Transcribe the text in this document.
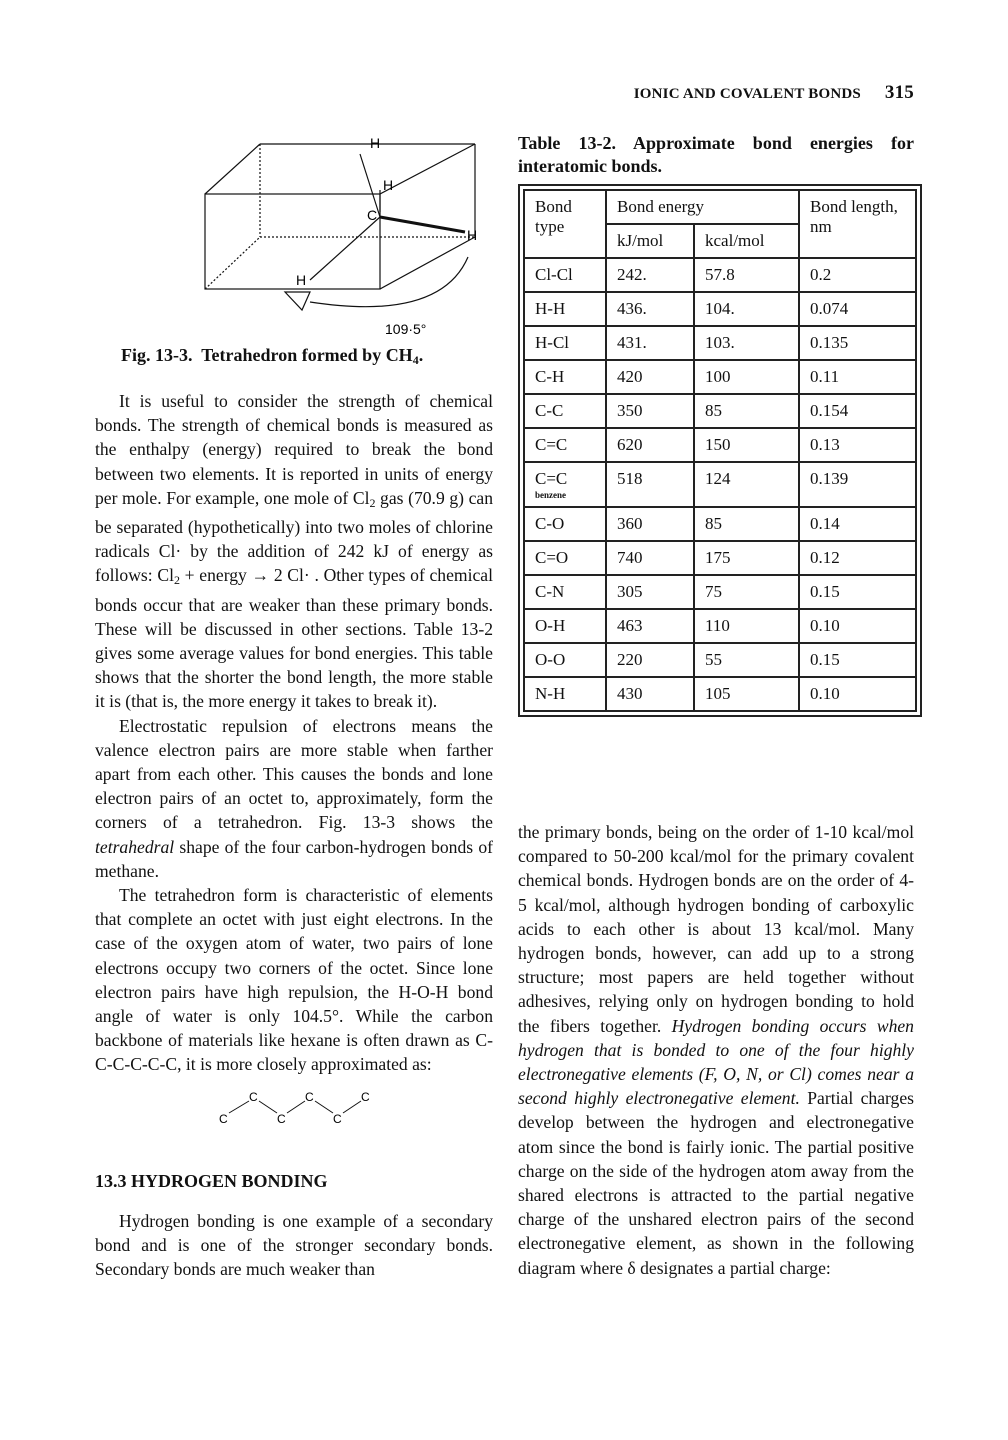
IONIC AND COVALENT BONDS 315
H
H
C
H
H
109·5°
Fig. 13-3. Tetrahedron formed by $CH_4$.

It is useful to consider the strength of chemical bonds. The strength of chemical bonds is measured as the enthalpy (energy) required to break the bond between two elements. It is reported in units of energy per mole. For example, one mole of $Cl_2$ gas (70.9 g) can be separated (hypothetically) into two moles of chlorine radicals Cl· by the addition of 242 kJ of energy as follows: $Cl_2$ + energy → 2 Cl· . Other types of chemical bonds occur that are weaker than these primary bonds. These will be discussed in other sections. Table 13-2 gives some average values for bond energies. This table shows that the shorter the bond length, the more stable it is (that is, the more energy it takes to break it).

Electrostatic repulsion of electrons means the valence electron pairs are more stable when farther apart from each other. This causes the bonds and lone electron pairs of an octet to, approximately, form the corners of a tetrahedron. Fig. 13-3 shows the tetrahedral shape of the four carbon-hydrogen bonds of methane.

The tetrahedron form is characteristic of elements that complete an octet with just eight electrons. In the case of the oxygen atom of water, two pairs of lone electrons occupy two corners of the octet. Since lone electron pairs have high repulsion, the H-O-H bond angle of water is only 104.5°. While the carbon backbone of materials like hexane is often drawn as C-C-C-C-C-C, it is more closely approximated as:

C
C
C
C
C
C
13.3 HYDROGEN BONDING

Hydrogen bonding is one example of a secondary bond and is one of the stronger secondary bonds. Secondary bonds are much weaker than

Table 13-2. Approximate bond energies for interatomic bonds.
Bond type	Bond energy		Bond length, nm
	kJ/mol	kcal/mol	
Cl-Cl	242.	57.8	0.2
H-H	436.	104.	0.074
H-Cl	431.	103.	0.135
C-H	420	100	0.11
C-C	350	85	0.154
C=C	620	150	0.13
C=C
benzene	518	124	0.139
C-O	360	85	0.14
C=O	740	175	0.12
C-N	305	75	0.15
O-H	463	110	0.10
O-O	220	55	0.15
N-H	430	105	0.10

the primary bonds, being on the order of 1-10 kcal/mol compared to 50-200 kcal/mol for the primary covalent chemical bonds. Hydrogen bonds are on the order of 4-5 kcal/mol, although hydrogen bonding of carboxylic acids to each other is about 13 kcal/mol. Many hydrogen bonds, however, can add up to a strong structure; most papers are held together without adhesives, relying only on hydrogen bonding to hold the fibers together. Hydrogen bonding occurs when hydrogen that is bonded to one of the four highly electronegative elements (F, O, N, or Cl) comes near a second highly electronegative element. Partial charges develop between the hydrogen and electronegative atom since the bond is fairly ionic. The partial positive charge on the side of the hydrogen atom away from the shared electrons is attracted to the partial negative charge of the unshared electron pairs of the second electronegative element, as shown in the following diagram where δ designates a partial charge:
